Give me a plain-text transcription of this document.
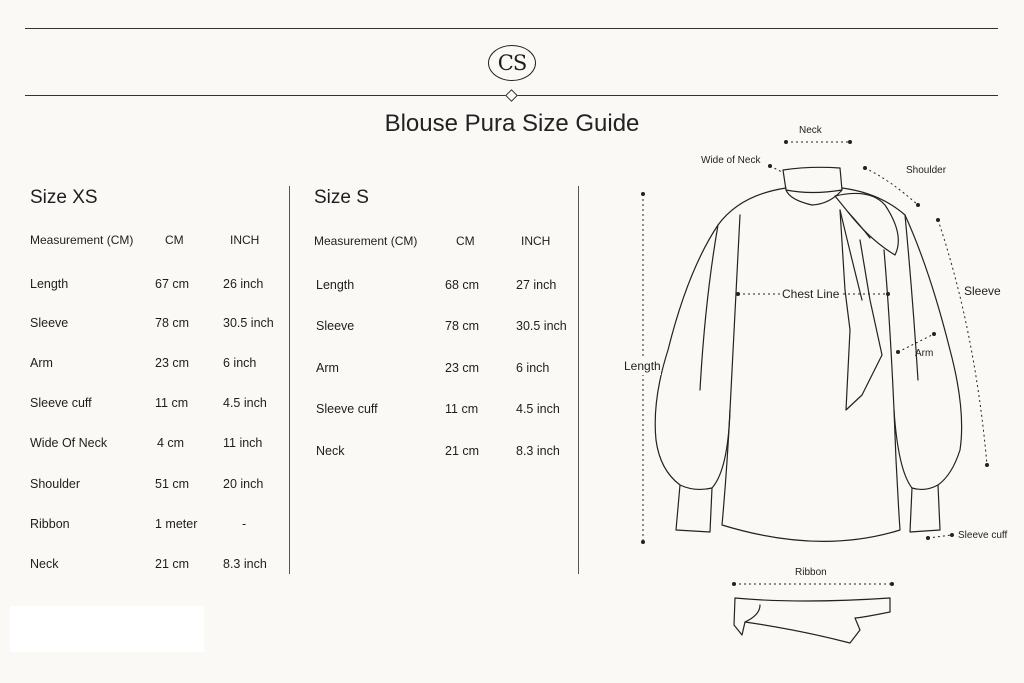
CS
Blouse Pura Size Guide
Size XS
Measurement (CM)	CM	INCH
Length	67 cm	26 inch
Sleeve	78 cm	30.5 inch
Arm	23 cm	6 inch
Sleeve cuff	11 cm	4.5 inch
Wide Of Neck	4 cm	11 inch
Shoulder	51 cm	20 inch
Ribbon	1 meter	-
Neck	21 cm	8.3 inch
Size S
Measurement (CM)	CM	INCH
Length	68 cm	27 inch
Sleeve	78 cm	30.5 inch
Arm	23 cm	6 inch
Sleeve cuff	11 cm	4.5 inch
Neck	21 cm	8.3 inch
Neck
Wide of Neck
Shoulder
Sleeve
Chest Line
Arm
Length
Sleeve cuff
Ribbon
